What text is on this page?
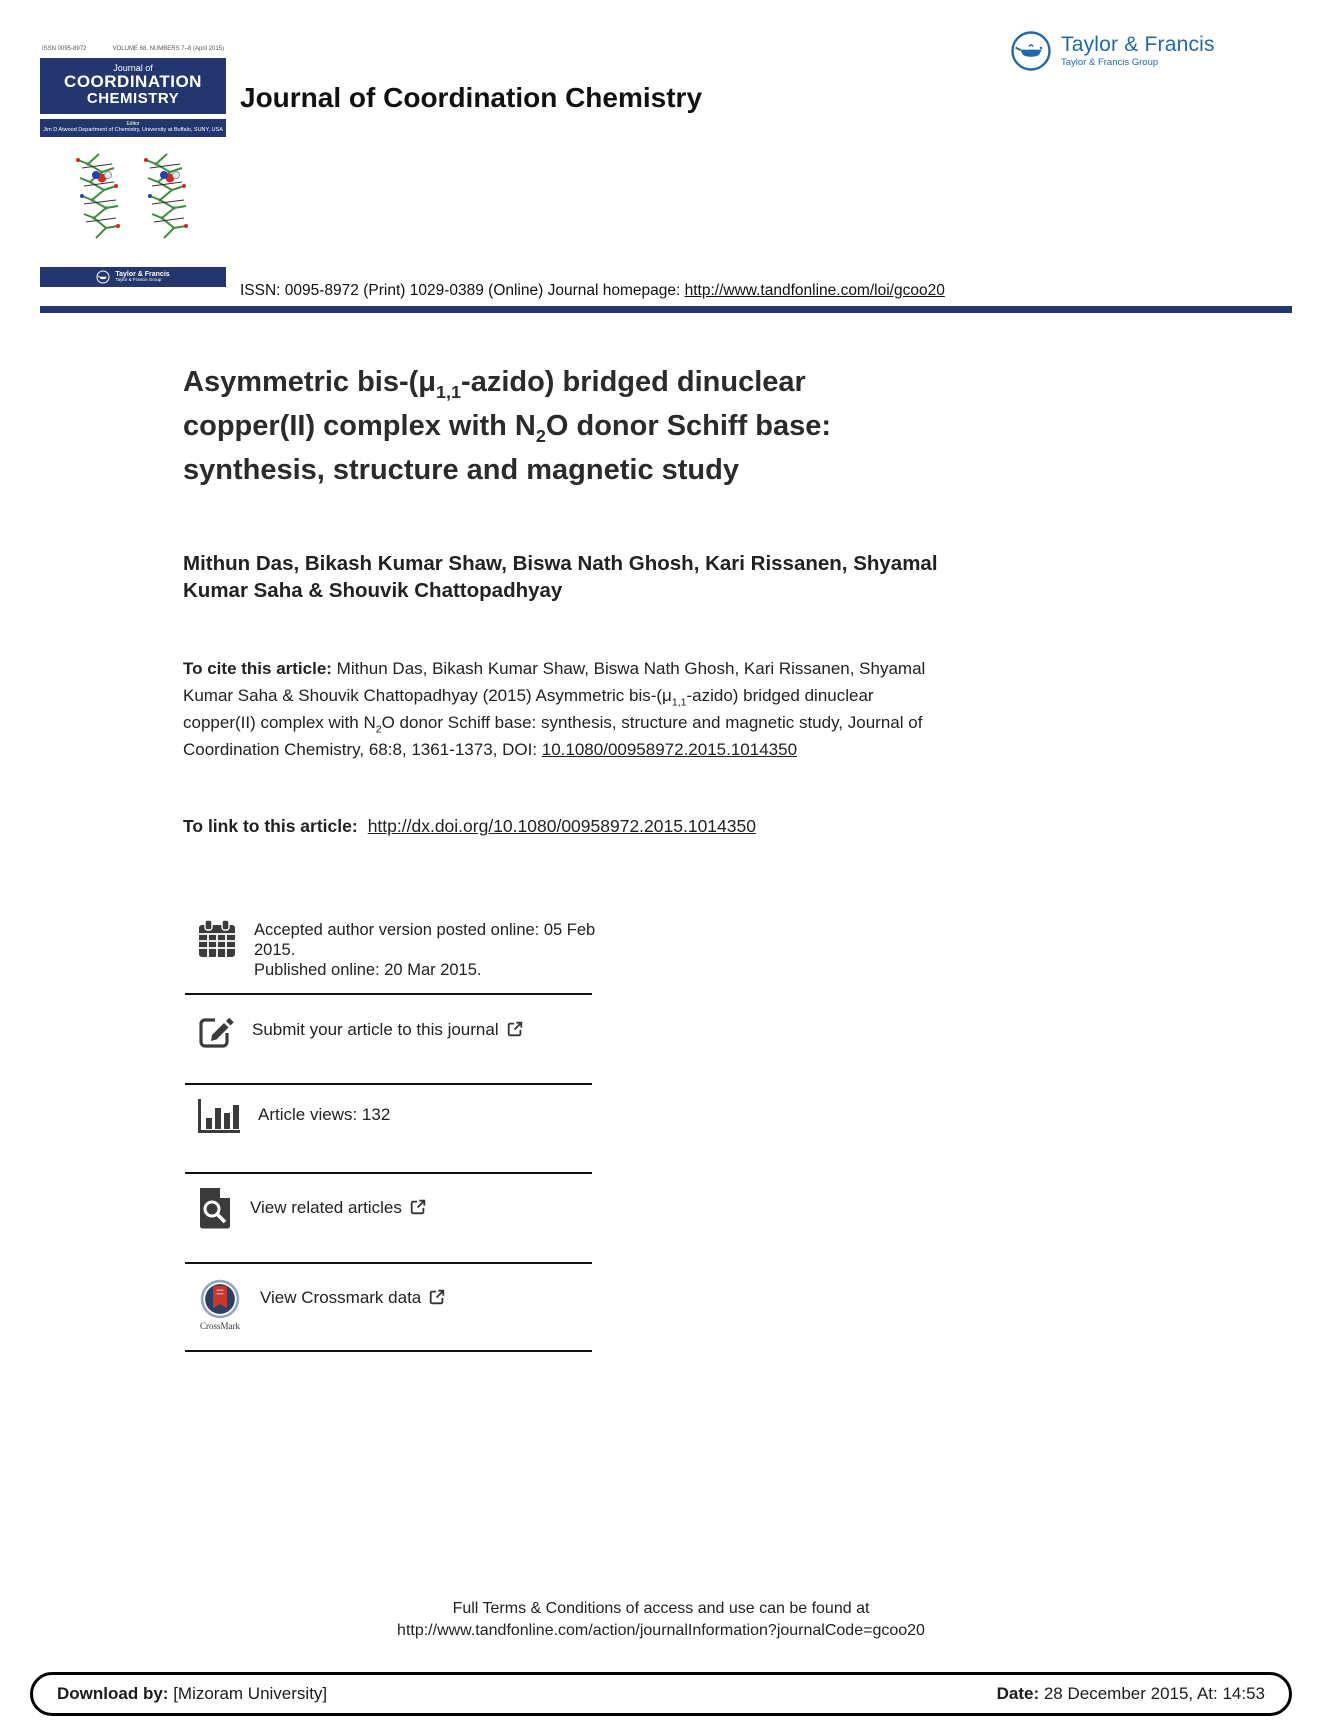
ISSN 0095-8972	VOLUME 68, NUMBERS 7–8 (April 2015)
Journal of
COORDINATION
CHEMISTRY
Editor
Jim D Atwood Department of Chemistry, University at Buffalo, SUNY, USA
Taylor & Francis
Taylor & Francis Group
Journal of Coordination Chemistry
Taylor & Francis
Taylor & Francis Group
ISSN: 0095-8972 (Print) 1029-0389 (Online) Journal homepage: http://www.tandfonline.com/loi/gcoo20
Asymmetric bis-$(\mu_{1,1}-azido)$ bridged dinuclear copper(II) complex with $N_2O$ donor Schiff base: synthesis, structure and magnetic study
Mithun Das, Bikash Kumar Shaw, Biswa Nath Ghosh, Kari Rissanen, Shyamal Kumar Saha & Shouvik Chattopadhyay

To cite this article: Mithun Das, Bikash Kumar Shaw, Biswa Nath Ghosh, Kari Rissanen, Shyamal Kumar Saha & Shouvik Chattopadhyay (2015) Asymmetric bis-$(\mu_{1,1}-azido)$ bridged dinuclear copper(II) complex with $N_2O$ donor Schiff base: synthesis, structure and magnetic study, Journal of Coordination Chemistry, 68:8, 1361-1373, DOI: 10.1080/00958972.2015.1014350

To link to this article: http://dx.doi.org/10.1080/00958972.2015.1014350
Accepted author version posted online: 05 Feb 2015.
Published online: 20 Mar 2015.
Submit your article to this journal
Article views: 132
View related articles
CrossMark
View Crossmark data
Full Terms & Conditions of access and use can be found at
http://www.tandfonline.com/action/journalInformation?journalCode=gcoo20
Download by: [Mizoram University]	Date: 28 December 2015, At: 14:53
